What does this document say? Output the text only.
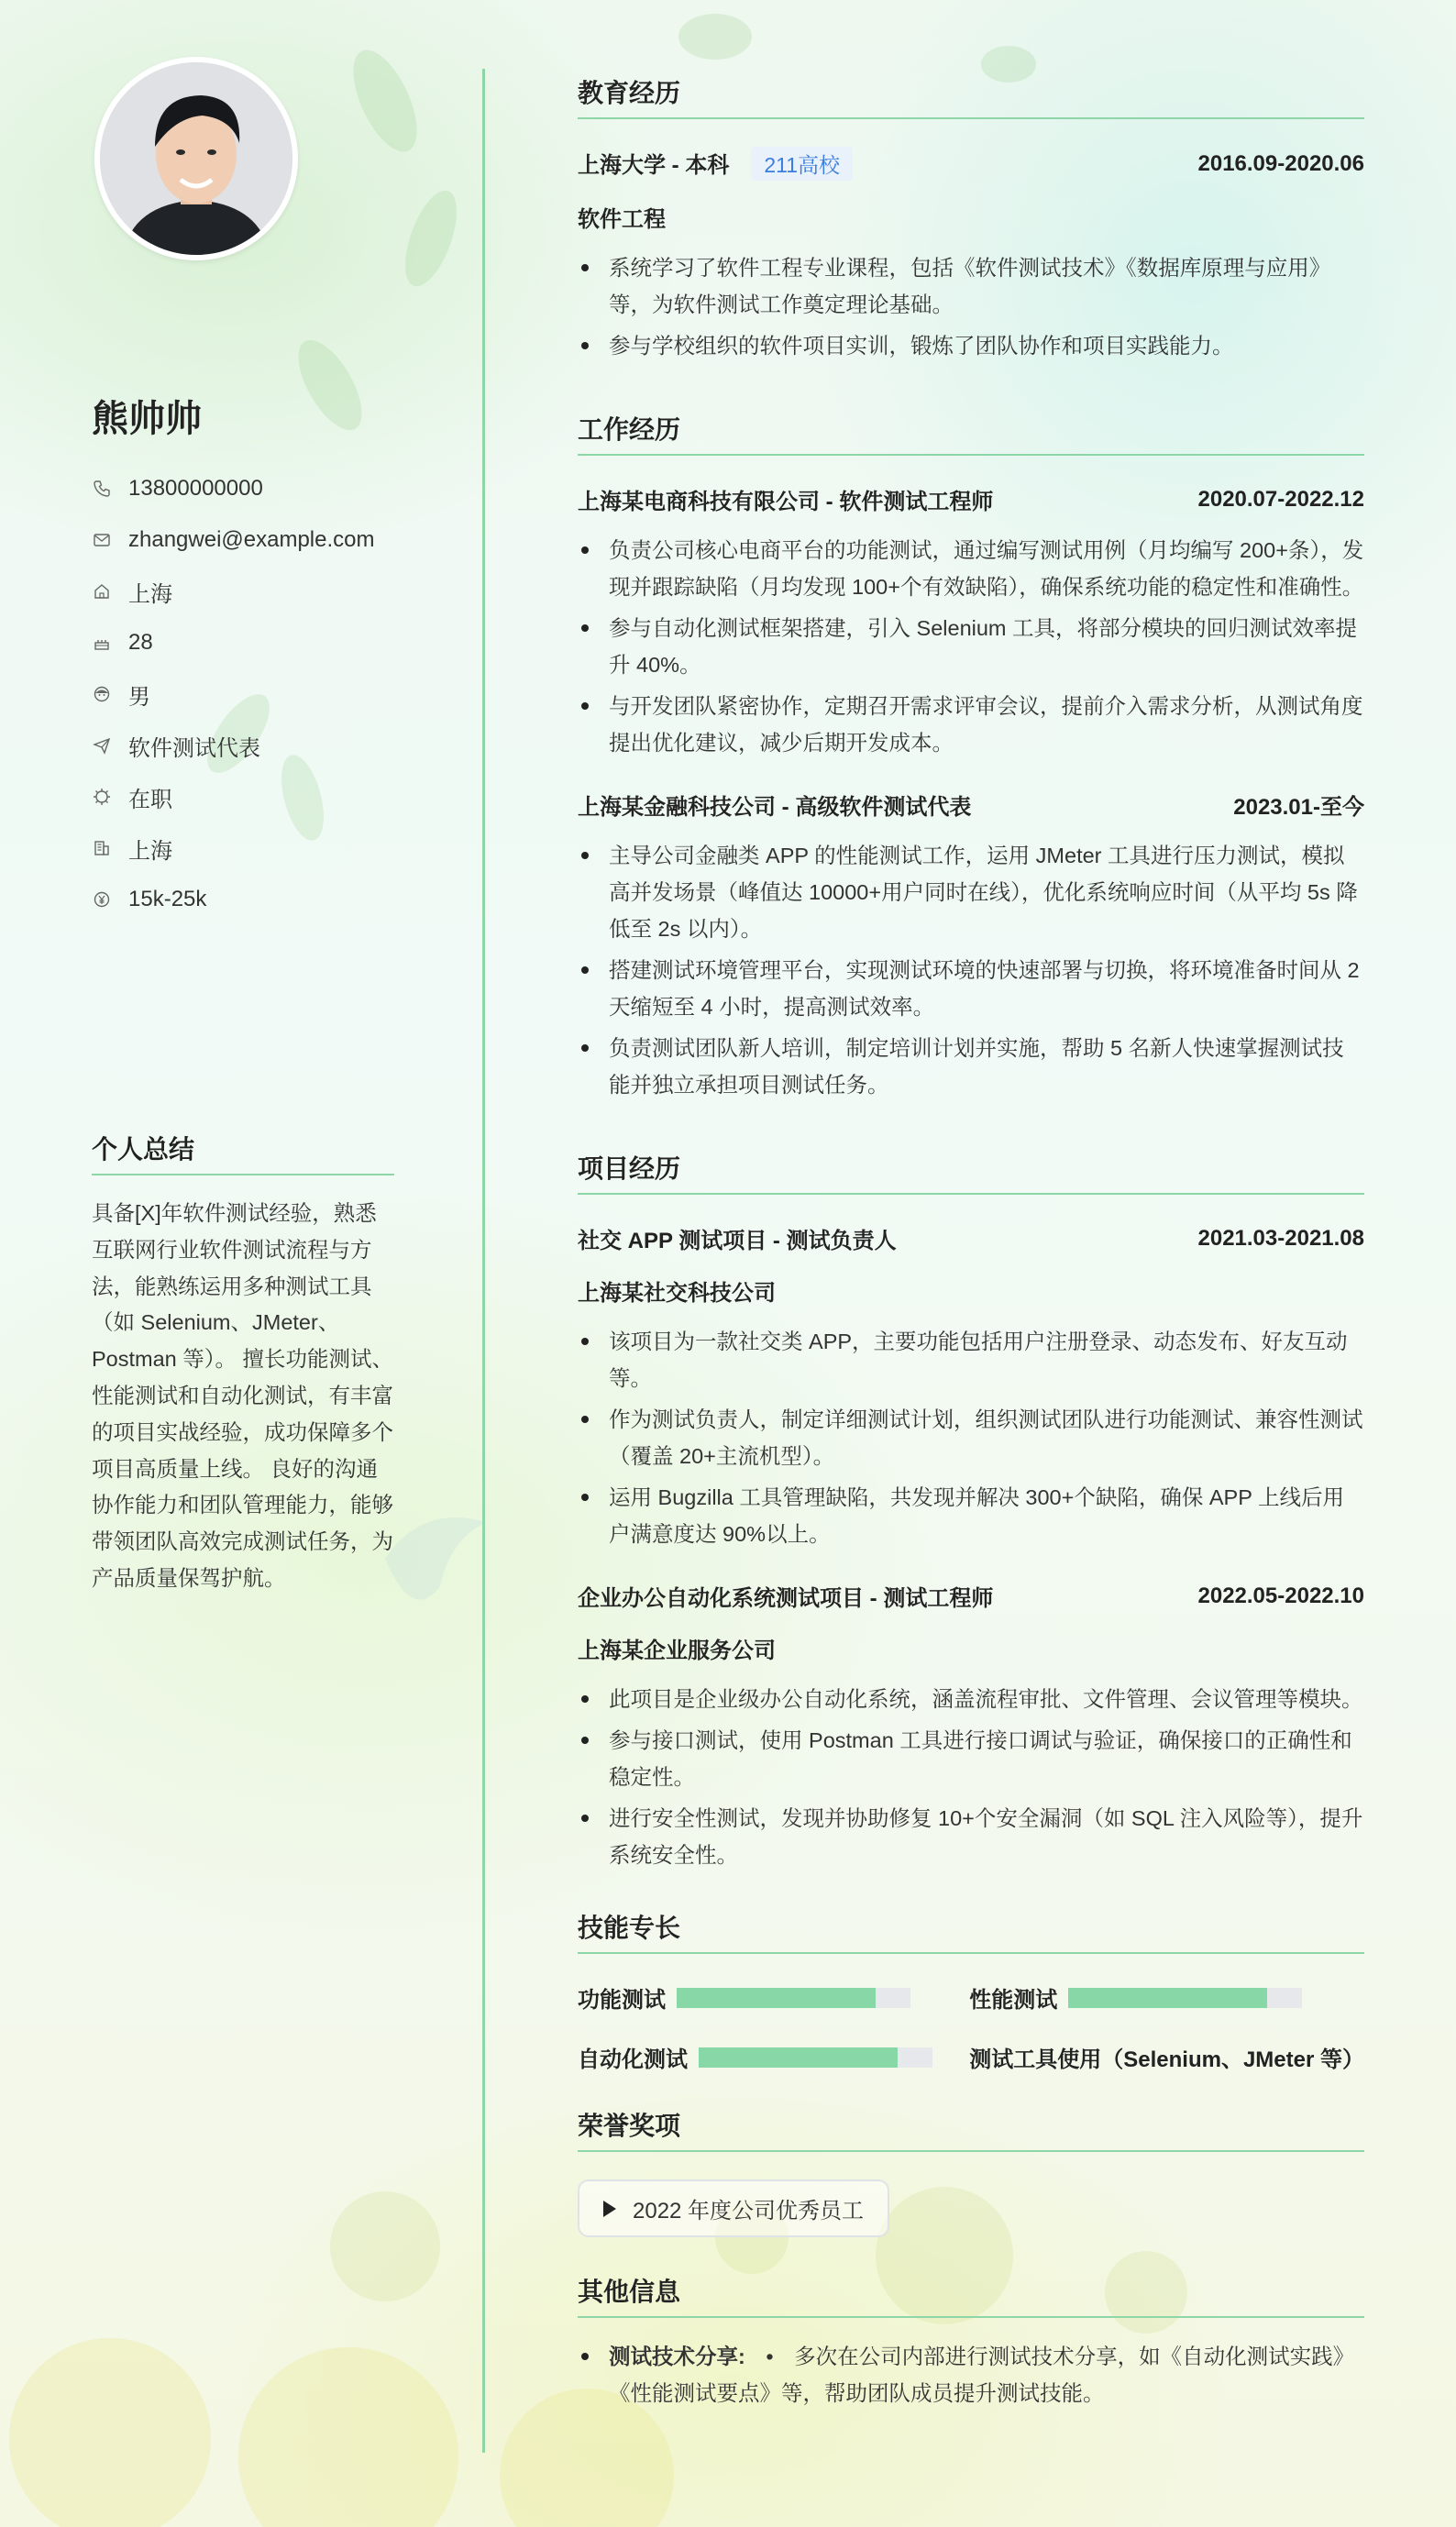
熊帅帅
13800000000
zhangwei@example.com
上海
28
男
软件测试代表
在职
上海
15k-25k
个人总结
具备[X]年软件测试经验，熟悉互联网行业软件测试流程与方法，能熟练运用多种测试工具（如 Selenium、JMeter、Postman 等）。 擅长功能测试、性能测试和自动化测试，有丰富的项目实战经验，成功保障多个项目高质量上线。 良好的沟通协作能力和团队管理能力，能够带领团队高效完成测试任务，为产品质量保驾护航。
教育经历
上海大学 - 本科 211高校	2016.09-2020.06
软件工程
系统学习了软件工程专业课程，包括《软件测试技术》《数据库原理与应用》等，为软件测试工作奠定理论基础。
参与学校组织的软件项目实训，锻炼了团队协作和项目实践能力。
工作经历
上海某电商科技有限公司 - 软件测试工程师	2020.07-2022.12
负责公司核心电商平台的功能测试，通过编写测试用例（月均编写 200+条），发现并跟踪缺陷（月均发现 100+个有效缺陷），确保系统功能的稳定性和准确性。
参与自动化测试框架搭建，引入 Selenium 工具，将部分模块的回归测试效率提升 40%。
与开发团队紧密协作，定期召开需求评审会议，提前介入需求分析，从测试角度提出优化建议，减少后期开发成本。
上海某金融科技公司 - 高级软件测试代表	2023.01-至今
主导公司金融类 APP 的性能测试工作，运用 JMeter 工具进行压力测试，模拟高并发场景（峰值达 10000+用户同时在线），优化系统响应时间（从平均 5s 降低至 2s 以内）。
搭建测试环境管理平台，实现测试环境的快速部署与切换，将环境准备时间从 2 天缩短至 4 小时，提高测试效率。
负责测试团队新人培训，制定培训计划并实施，帮助 5 名新人快速掌握测试技能并独立承担项目测试任务。
项目经历
社交 APP 测试项目 - 测试负责人	2021.03-2021.08
上海某社交科技公司
该项目为一款社交类 APP，主要功能包括用户注册登录、动态发布、好友互动等。
作为测试负责人，制定详细测试计划，组织测试团队进行功能测试、兼容性测试（覆盖 20+主流机型）。
运用 Bugzilla 工具管理缺陷，共发现并解决 300+个缺陷，确保 APP 上线后用户满意度达 90%以上。
企业办公自动化系统测试项目 - 测试工程师	2022.05-2022.10
上海某企业服务公司
此项目是企业级办公自动化系统，涵盖流程审批、文件管理、会议管理等模块。
参与接口测试，使用 Postman 工具进行接口调试与验证，确保接口的正确性和稳定性。
进行安全性测试，发现并协助修复 10+个安全漏洞（如 SQL 注入风险等），提升系统安全性。
技能专长
功能测试	性能测试
自动化测试	测试工具使用（Selenium、JMeter 等）
荣誉奖项
2022 年度公司优秀员工
其他信息
测试技术分享: • 多次在公司内部进行测试技术分享，如《自动化测试实践》《性能测试要点》等，帮助团队成员提升测试技能。
